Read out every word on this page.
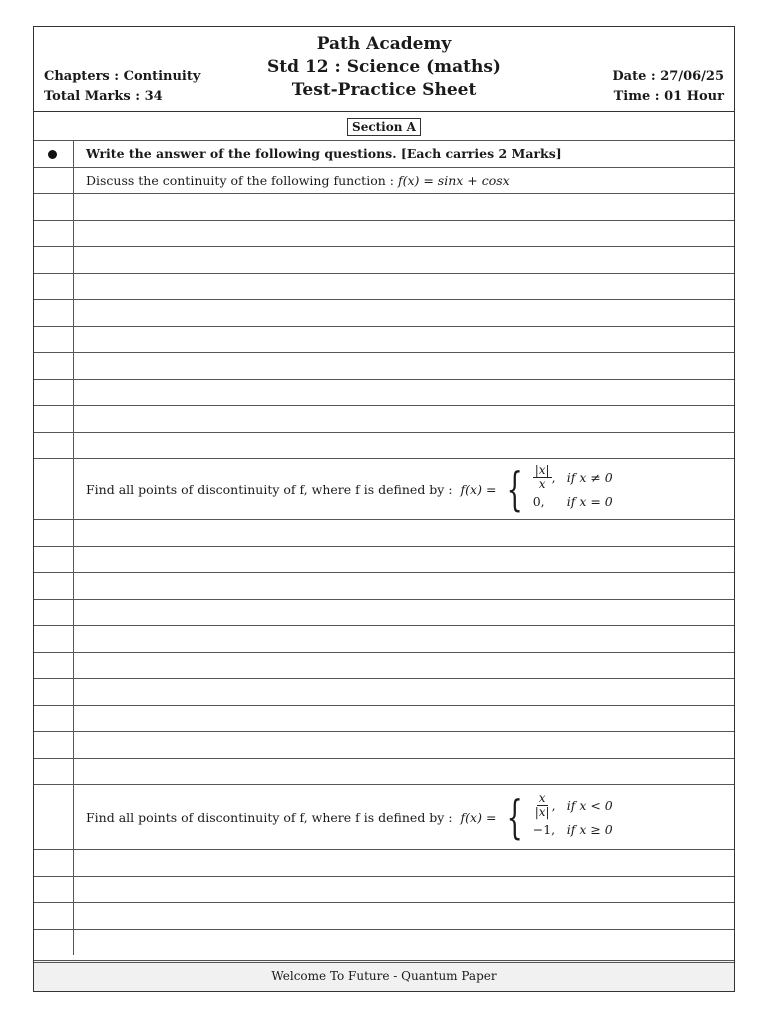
Path Academy
Std 12 : Science (maths)
Test-Practice Sheet
Chapters : Continuity
Total Marks : 34
Date : 27/06/25
Time : 01 Hour
Section A
Write the answer of the following questions. [Each carries 2 Marks]
Discuss the continuity of the following function :
f(x) = sinx + cosx
Find all points of discontinuity of f, where f is defined by : f(x) = { $\frac{|x|}{x}$ , if x ≠ 0
0,	if x = 0
Find all points of discontinuity of f, where f is defined by : f(x) = { $\frac{x}{|x|}$ , if x < 0
−1, if x ≥ 0
Welcome To Future - Quantum Paper
